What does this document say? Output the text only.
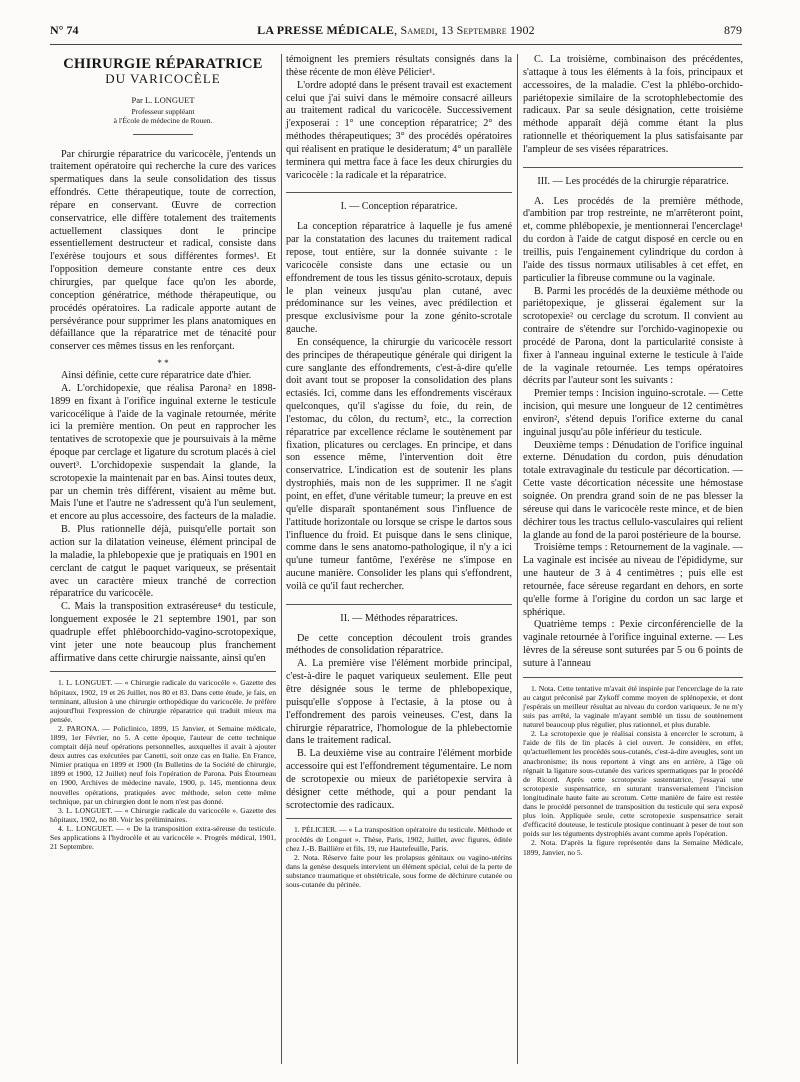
N° 74	LA PRESSE MÉDICALE, Samedi, 13 Septembre 1902	879

CHIRURGIE RÉPARATRICE

DU VARICOCÈLE

Par L. LONGUET

Professeur suppléant

à l'École de médecine de Rouen.

Par chirurgie réparatrice du varicocèle, j'entends un traitement opératoire qui recherche la cure des varices spermatiques dans la seule consolidation des tissus effondrés. Cette thérapeutique, toute de correction, répare en conservant. Œuvre de correction conservatrice, elle diffère totalement des traitements actuellement classiques dont le principe essentiellement destructeur et radical, consiste dans l'exérèse toujours et sous différentes formes¹. Et l'opposition demeure constante entre ces deux chirurgies, par quelque face qu'on les aborde, conception génératrice, méthode thérapeutique, ou procédés opératoires. La radicale apporte autant de persévérance pour supprimer les plans anatomiques en défaillance que la réparatrice met de ténacité pour conserver ces mêmes tissus en les renforçant.

* *

Ainsi définie, cette cure réparatrice date d'hier.

A. L'orchidopexie, que réalisa Parona² en 1898-1899 en fixant à l'orifice inguinal externe le testicule varicocélique à l'aide de la vaginale retournée, mérite ici la première mention. On peut en rapprocher les tentatives de scrotopexie que je poursuivais à la même époque par cerclage et ligature du scrotum placés à ciel ouvert³. L'orchidopexie suspendait la glande, la scrotopexie la maintenait par en bas. Ainsi toutes deux, par un chemin très différent, visaient au même but. Mais l'une et l'autre ne s'adressent qu'à l'un seulement, et encore au plus accessoire, des facteurs de la maladie.

B. Plus rationnelle déjà, puisqu'elle portait son action sur la dilatation veineuse, élément principal de la maladie, la phlebopexie que je pratiquais en 1901 en cerclant de catgut le paquet variqueux, se présentait avec un caractère mieux tranché de correction réparatrice du varicocèle.

C. Mais la transposition extraséreuse⁴ du testicule, longuement exposée le 21 septembre 1901, par son quadruple effet phléboorchido-vagino-scrotopexique, vint jeter une note beaucoup plus franchement affirmative dans cette chirurgie naissante, ainsi qu'en

1. L. LONGUET. — « Chirurgie radicale du varicocèle ». Gazette des hôpitaux, 1902, 19 et 26 Juillet, nos 80 et 83. Dans cette étude, je fais, en terminant, allusion à une chirurgie orthopédique du varicocèle. Je préfère aujourd'hui l'expression de chirurgie réparatrice qui traduit mieux ma pensée.

2. PARONA. — Policlinico, 1899, 15 Janvier, et Semaine médicale, 1899, 1er Février, no 5. A cette époque, l'auteur de cette technique comptait déjà neuf opérations personnelles, auxquelles il avait à ajouter deux autres cas exécutées par Canetti, soit onze cas en Italie. En France, Nimier pratiqua en 1899 et 1900 (In Bulletins de la Société de chirurgie, 1899 et 1900, 12 Juillet) neuf fois l'opération de Parona. Puis Étourneau en 1900, Archives de médecine navale, 1900, p. 145, mentionna deux nouvelles opérations, pratiquées avec méthode, selon cette même technique, par un chirurgien dont le nom n'est pas donné.

3. L. LONGUET. — « Chirurgie radicale du varicocèle ». Gazette des hôpitaux, 1902, no 80. Voir les préliminaires.

4. L. LONGUET. — « De la transposition extra-séreuse du testicule. Ses applications à l'hydrocèle et au varicocèle ». Progrès médical, 1901, 21 Septembre.

témoignent les premiers résultats consignés dans la thèse récente de mon élève Pélicier¹.

L'ordre adopté dans le présent travail est exactement celui que j'ai suivi dans le mémoire consacré ailleurs au traitement radical du varicocèle. Successivement j'exposerai : 1° une conception réparatrice; 2° des méthodes thérapeutiques; 3° des procédés opératoires qui réalisent en pratique le desideratum; 4° un parallèle terminera qui mettra face à face les deux chirurgies du varicocèle : la radicale et la réparatrice.

I. — Conception réparatrice.

La conception réparatrice à laquelle je fus amené par la constatation des lacunes du traitement radical repose, tout entière, sur la donnée suivante : le varicocèle consiste dans une ectasie ou un effondrement de tous les tissus génito-scrotaux, depuis le plan veineux jusqu'au plan cutané, avec prédominance sur les veines, avec prédilection et presque exclusivisme pour la zone génito-scrotale gauche.

En conséquence, la chirurgie du varicocèle ressort des principes de thérapeutique générale qui dirigent la cure sanglante des effondrements, c'est-à-dire qu'elle doit avant tout se proposer la consolidation des plans ectasiés. Ici, comme dans les effondrements viscéraux quelconques, qu'il s'agisse du foie, du rein, de l'estomac, du côlon, du rectum², etc., la correction réparatrice par excellence réclame le soutènement par fixation, plicatures ou cerclages. En principe, et dans son essence même, l'intervention doit être conservatrice. L'indication est de soutenir les plans dystrophiés, mais non de les supprimer. Il ne s'agit point, en effet, d'une véritable tumeur; la preuve en est qu'elle disparaît spontanément sous l'influence de l'attitude horizontale ou lorsque se crispe le dartos sous l'influence du froid. Et puisque dans le sens clinique, comme dans le sens anatomo-pathologique, il n'y a ici qu'une tumeur fantôme, l'exérèse ne s'impose en aucune manière. Consolider les plans qui s'effondrent, voilà ce qu'il faut rechercher.

II. — Méthodes réparatrices.

De cette conception découlent trois grandes méthodes de consolidation réparatrice.

A. La première vise l'élément morbide principal, c'est-à-dire le paquet variqueux seulement. Elle peut être désignée sous le terme de phlebopexique, puisqu'elle s'oppose à l'ectasie, à la ptose ou à l'effondrement des parois veineuses. C'est, dans la chirurgie réparatrice, l'homologue de la phlebectomie dans le traitement radical.

B. La deuxième vise au contraire l'élément morbide accessoire qui est l'effondrement tégumentaire. Le nom de scrotopexie ou mieux de pariétopexie servira à désigner cette méthode, qui a pour pendant la scrotectomie des radicaux.

1. PÉLICIER. — « La transposition opératoire du testicule. Méthode et procédés de Longuet ». Thèse, Paris, 1902, Juillet, avec figures, éditée chez J.-B. Baillière et fils, 19, rue Hautefeuille, Paris.

2. Nota. Réserve faite pour les prolapsus génitaux ou vagino-utérins dans la genèse desquels intervient un élément spécial, celui de la perte de substance traumatique et obstétricale, sous forme de déchirure cutanée ou sous-cutanée du périnée.

C. La troisième, combinaison des précédentes, s'attaque à tous les éléments à la fois, principaux et accessoires, de la maladie. C'est la phlébo-orchido-pariétopexie similaire de la scrotophlebectomie des radicaux. Par sa seule désignation, cette troisième méthode apparaît déjà comme étant la plus rationnelle et théoriquement la plus satisfaisante par l'ampleur de ses visées réparatrices.

III. — Les procédés de la chirurgie réparatrice.

A. Les procédés de la première méthode, d'ambition par trop restreinte, ne m'arrêteront point, et, comme phlébopexie, je mentionnerai l'encerclage¹ du cordon à l'aide de catgut disposé en cercle ou en treillis, puis l'engainement cylindrique du cordon à l'aide des tissus normaux utilisables à cet effet, en particulier la fibreuse commune ou la vaginale.

B. Parmi les procédés de la deuxième méthode ou pariétopexique, je glisserai également sur la scrotopexie² ou cerclage du scrotum. Il convient au contraire de s'étendre sur l'orchido-vaginopexie ou procédé de Parona, dont la particularité consiste à fixer à l'anneau inguinal externe le testicule à l'aide de la vaginale retournée. Les temps opératoires décrits par l'auteur sont les suivants :

Premier temps : Incision inguino-scrotale. — Cette incision, qui mesure une longueur de 12 centimètres environ², s'étend depuis l'orifice externe du canal inguinal jusqu'au pôle inférieur du testicule.

Deuxième temps : Dénudation de l'orifice inguinal externe. Dénudation du cordon, puis dénudation totale extravaginale du testicule par décortication. — Cette vaste décortication nécessite une hémostase soignée. On prendra grand soin de ne pas blesser la séreuse qui dans le varicocèle reste mince, et de bien déchirer tous les tractus cellulo-vasculaires qui relient la glande au fond de la paroi postérieure de la bourse.

Troisième temps : Retournement de la vaginale. — La vaginale est incisée au niveau de l'épididyme, sur une hauteur de 3 à 4 centimètres ; puis elle est retournée, face séreuse regardant en dehors, en sorte qu'elle forme à l'origine du cordon un sac large et sphérique.

Quatrième temps : Pexie circonférencielle de la vaginale retournée à l'orifice inguinal externe. — Les lèvres de la séreuse sont suturées par 5 ou 6 points de suture à l'anneau

1. Nota. Cette tentative m'avait été inspirée par l'encerclage de la rate au catgut préconisé par Zykoff comme moyen de splénopexie, et dont j'espérais un meilleur résultat au niveau du cordon variqueux. Je ne m'y suis pas arrêté, la vaginale m'ayant semblé un tissu de soutènement naturel beaucoup plus régulier, plus rationnel, et plus durable.

2. La scrotopexie que je réalisai consista à encercler le scrotum, à l'aide de fils de lin placés à ciel ouvert. Je considère, en effet, qu'actuellement les procédés sous-cutanés, c'est-à-dire aveugles, sont un anachronisme; ils nous reportent à vingt ans en arrière, à l'âge où régnait la ligature sous-cutanée des varices spermatiques par le procédé de Ricord. Après cette scrotopexie sustentatrice, j'essayai une scrotopexie suspensatrice, en suturant transversalement l'incision longitudinale haute faite au scrotum. Cette manière de faire est restée dans le procédé personnel de transposition du testicule qui sera exposé plus loin. Appliquée seule, cette scrotopexie suspensatrice serait d'efficacité douteuse, le testicule ptosique continuant à peser de tout son poids sur les téguments dystrophiés avant comme après l'opération.

2. Nota. D'après la figure représentée dans la Semaine Médicale, 1899, Janvier, no 5.
